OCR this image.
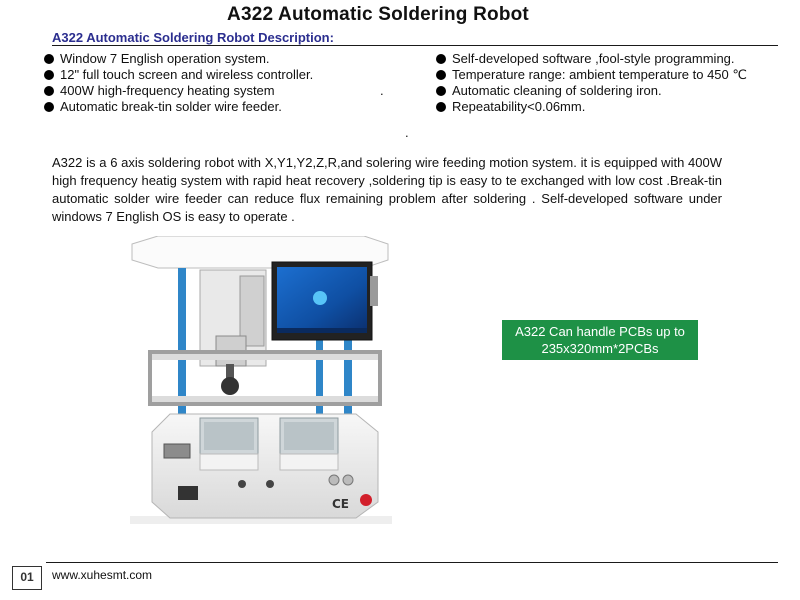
A322 Automatic Soldering Robot
A322 Automatic Soldering Robot Description:
Window 7 English operation system.
12" full touch screen and wireless controller.
400W high-frequency heating system
Automatic break-tin solder wire feeder.
Self-developed software ,fool-style programming.
Temperature range: ambient temperature to 450 ℃
Automatic cleaning of soldering iron.
Repeatability<0.06mm.
.
.
A322 is a 6 axis soldering robot with X,Y1,Y2,Z,R,and solering wire feeding motion system. it is equipped with 400W high frequency heatig system with rapid heat recovery ,soldering tip is easy to te exchanged with low cost .Break-tin automatic solder wire feeder can reduce flux remaining problem after soldering . Self-developed software under windows 7 English OS is easy to operate .
CE
A322 Can handle PCBs up to 235x320mm*2PCBs
01	www.xuhesmt.com
